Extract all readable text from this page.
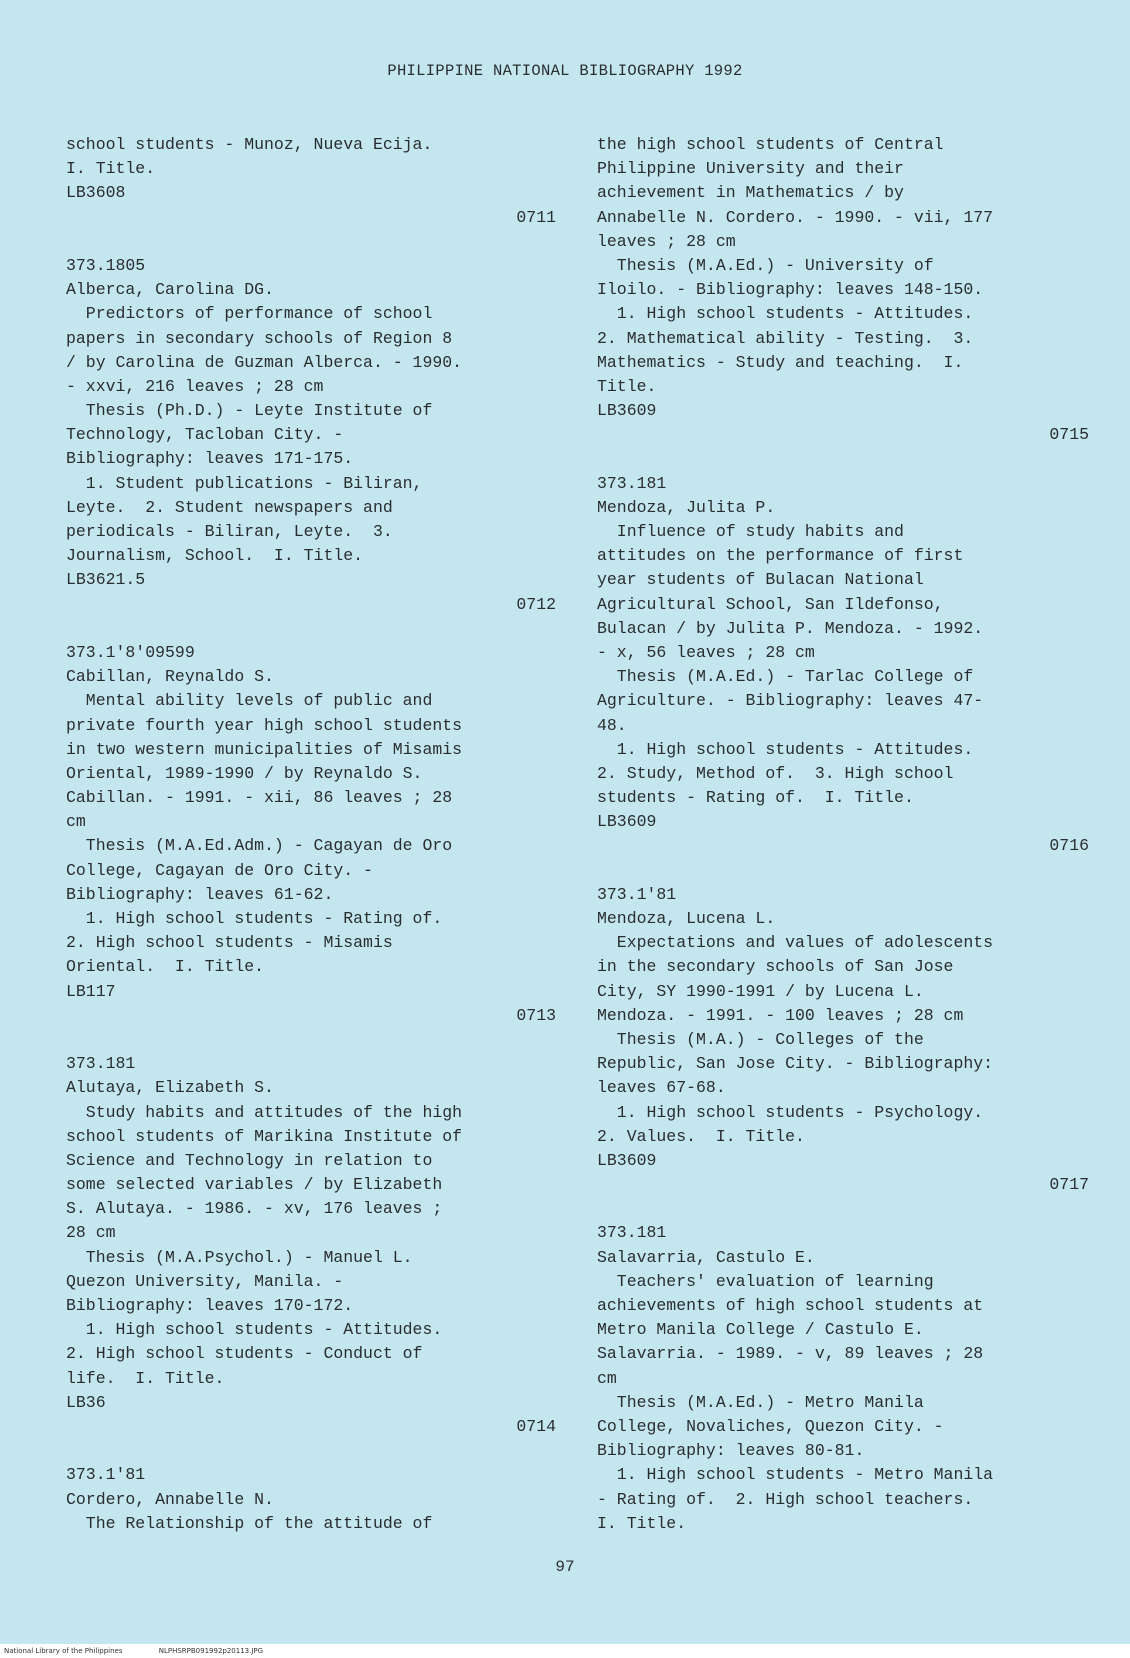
PHILIPPINE NATIONAL BIBLIOGRAPHY 1992
school students - Munoz, Nueva Ecija.
I. Title.
LB3608
0711
373.1805
Alberca, Carolina DG.
Predictors of performance of school
papers in secondary schools of Region 8
/ by Carolina de Guzman Alberca. - 1990.
- xxvi, 216 leaves ; 28 cm
Thesis (Ph.D.) - Leyte Institute of
Technology, Tacloban City. -
Bibliography: leaves 171-175.
1. Student publications - Biliran,
Leyte.  2. Student newspapers and
periodicals - Biliran, Leyte.  3.
Journalism, School.  I. Title.
LB3621.5
0712
373.1'8'09599
Cabillan, Reynaldo S.
Mental ability levels of public and
private fourth year high school students
in two western municipalities of Misamis
Oriental, 1989-1990 / by Reynaldo S.
Cabillan. - 1991. - xii, 86 leaves ; 28
cm
Thesis (M.A.Ed.Adm.) - Cagayan de Oro
College, Cagayan de Oro City. -
Bibliography: leaves 61-62.
1. High school students - Rating of.
2. High school students - Misamis
Oriental.  I. Title.
LB117
0713
373.181
Alutaya, Elizabeth S.
Study habits and attitudes of the high
school students of Marikina Institute of
Science and Technology in relation to
some selected variables / by Elizabeth
S. Alutaya. - 1986. - xv, 176 leaves ;
28 cm
Thesis (M.A.Psychol.) - Manuel L.
Quezon University, Manila. -
Bibliography: leaves 170-172.
1. High school students - Attitudes.
2. High school students - Conduct of
life.  I. Title.
LB36
0714
373.1'81
Cordero, Annabelle N.
The Relationship of the attitude of
the high school students of Central
Philippine University and their
achievement in Mathematics / by
Annabelle N. Cordero. - 1990. - vii, 177
leaves ; 28 cm
Thesis (M.A.Ed.) - University of
Iloilo. - Bibliography: leaves 148-150.
1. High school students - Attitudes.
2. Mathematical ability - Testing.  3.
Mathematics - Study and teaching.  I.
Title.
LB3609
0715
373.181
Mendoza, Julita P.
Influence of study habits and
attitudes on the performance of first
year students of Bulacan National
Agricultural School, San Ildefonso,
Bulacan / by Julita P. Mendoza. - 1992.
- x, 56 leaves ; 28 cm
Thesis (M.A.Ed.) - Tarlac College of
Agriculture. - Bibliography: leaves 47-
48.
1. High school students - Attitudes.
2. Study, Method of.  3. High school
students - Rating of.  I. Title.
LB3609
0716
373.1'81
Mendoza, Lucena L.
Expectations and values of adolescents
in the secondary schools of San Jose
City, SY 1990-1991 / by Lucena L.
Mendoza. - 1991. - 100 leaves ; 28 cm
Thesis (M.A.) - Colleges of the
Republic, San Jose City. - Bibliography:
leaves 67-68.
1. High school students - Psychology.
2. Values.  I. Title.
LB3609
0717
373.181
Salavarria, Castulo E.
Teachers' evaluation of learning
achievements of high school students at
Metro Manila College / Castulo E.
Salavarria. - 1989. - v, 89 leaves ; 28
cm
Thesis (M.A.Ed.) - Metro Manila
College, Novaliches, Quezon City. -
Bibliography: leaves 80-81.
1. High school students - Metro Manila
- Rating of.  2. High school teachers.
I. Title.
97
National Library of the Philippines	NLPHSRPB091992p20113.JPG
